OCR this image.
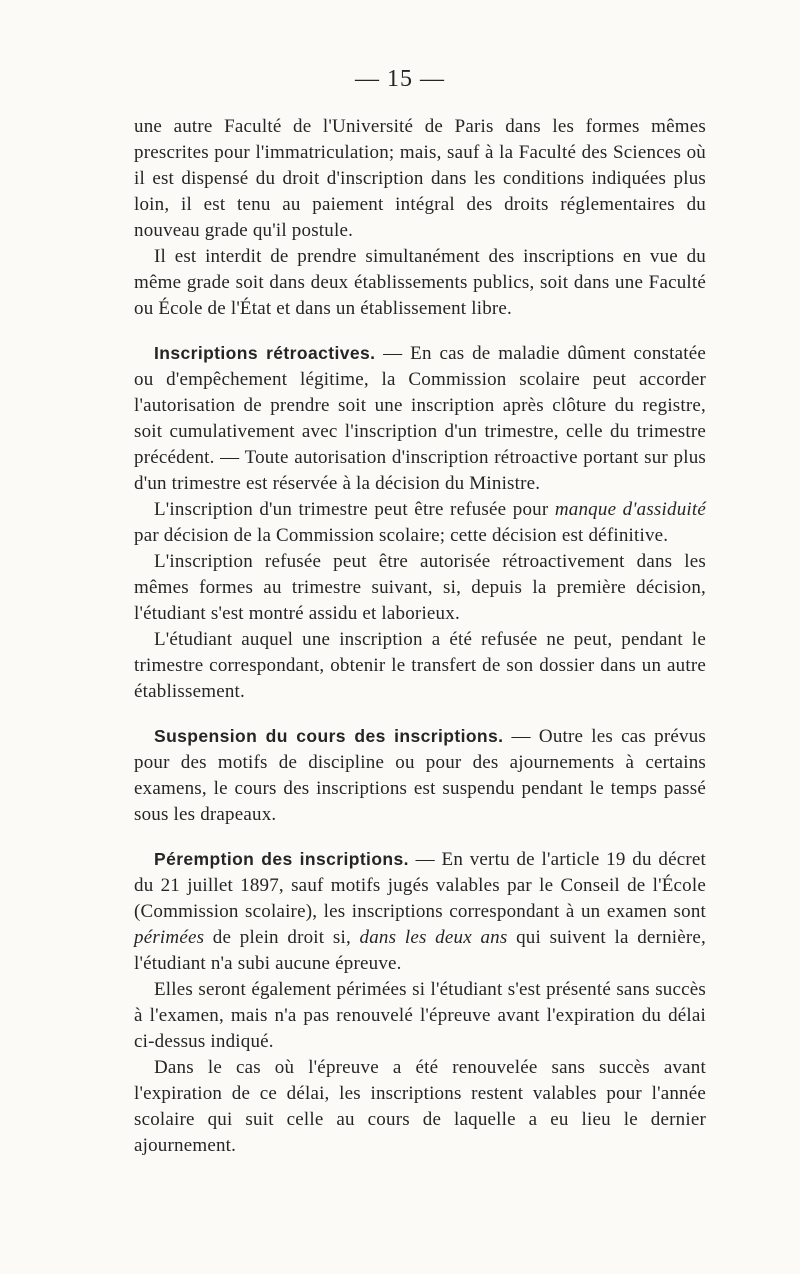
— 15 —

une autre Faculté de l'Université de Paris dans les formes mêmes prescrites pour l'immatriculation; mais, sauf à la Faculté des Sciences où il est dispensé du droit d'inscription dans les conditions indiquées plus loin, il est tenu au paiement intégral des droits réglementaires du nouveau grade qu'il postule.

Il est interdit de prendre simultanément des inscriptions en vue du même grade soit dans deux établissements publics, soit dans une Faculté ou École de l'État et dans un établissement libre.

Inscriptions rétroactives. — En cas de maladie dûment constatée ou d'empêchement légitime, la Commission scolaire peut accorder l'autorisation de prendre soit une inscription après clôture du registre, soit cumulativement avec l'inscription d'un trimestre, celle du trimestre précédent. — Toute autorisation d'inscription rétroactive portant sur plus d'un trimestre est réservée à la décision du Ministre.

L'inscription d'un trimestre peut être refusée pour manque d'assiduité par décision de la Commission scolaire; cette décision est définitive.

L'inscription refusée peut être autorisée rétroactivement dans les mêmes formes au trimestre suivant, si, depuis la première décision, l'étudiant s'est montré assidu et laborieux.

L'étudiant auquel une inscription a été refusée ne peut, pendant le trimestre correspondant, obtenir le transfert de son dossier dans un autre établissement.

Suspension du cours des inscriptions. — Outre les cas prévus pour des motifs de discipline ou pour des ajournements à certains examens, le cours des inscriptions est suspendu pendant le temps passé sous les drapeaux.

Péremption des inscriptions. — En vertu de l'article 19 du décret du 21 juillet 1897, sauf motifs jugés valables par le Conseil de l'École (Commission scolaire), les inscriptions correspondant à un examen sont périmées de plein droit si, dans les deux ans qui suivent la dernière, l'étudiant n'a subi aucune épreuve.

Elles seront également périmées si l'étudiant s'est présenté sans succès à l'examen, mais n'a pas renouvelé l'épreuve avant l'expiration du délai ci-dessus indiqué.

Dans le cas où l'épreuve a été renouvelée sans succès avant l'expiration de ce délai, les inscriptions restent valables pour l'année scolaire qui suit celle au cours de laquelle a eu lieu le dernier ajournement.
